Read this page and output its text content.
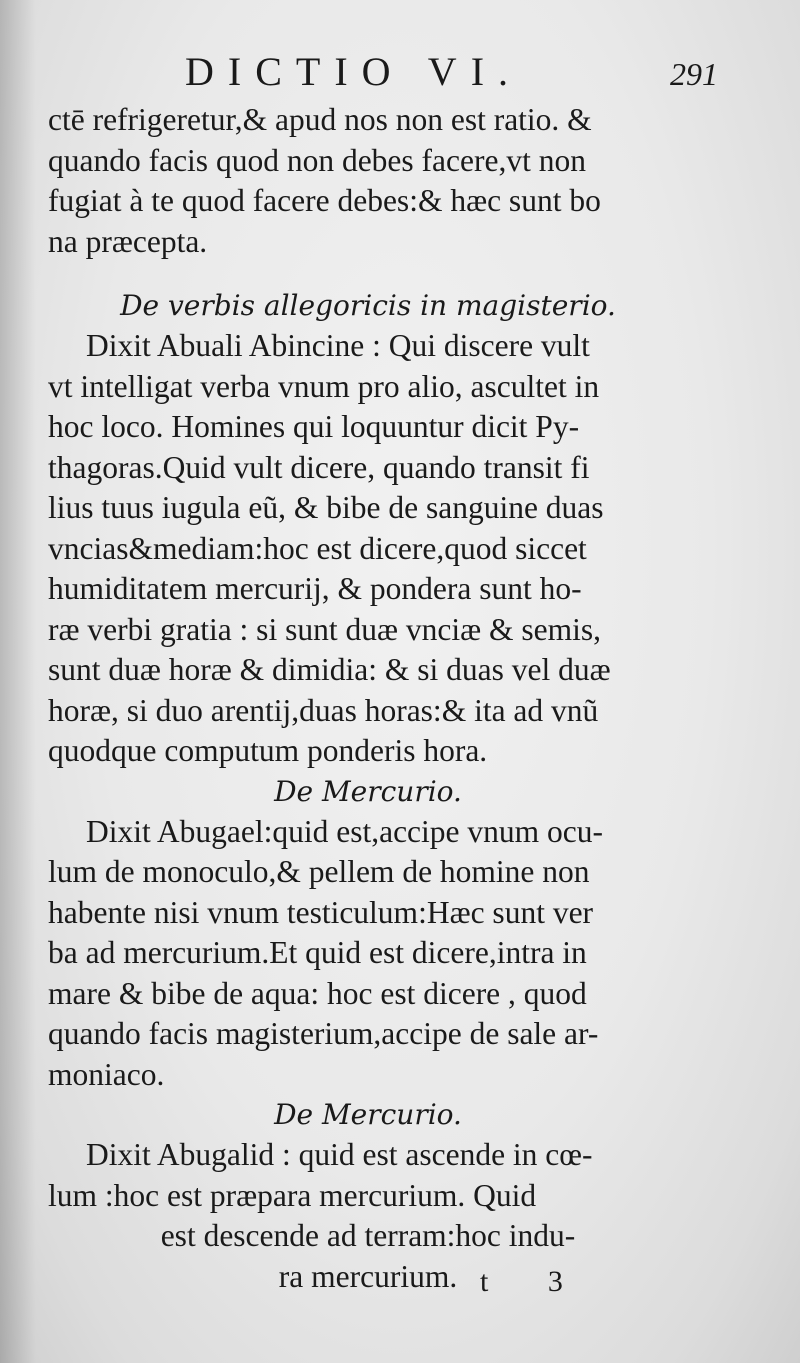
DICTIO VI.	291
ctē refrigeretur,& apud nos non est ratio. &
quando facis quod non debes facere,vt non
fugiat à te quod facere debes:& hæc sunt bo
na præcepta.
De verbis allegoricis in magisterio.
Dixit Abuali Abincine : Qui discere vult
vt intelligat verba vnum pro alio, ascultet in
hoc loco. Homines qui loquuntur dicit Py-
thagoras.Quid vult dicere, quando transit fi
lius tuus iugula eũ, & bibe de sanguine duas
vncias&mediam:hoc est dicere,quod siccet
humiditatem mercurij, & pondera sunt ho-
ræ verbi gratia : si sunt duæ vnciæ & semis,
sunt duæ horæ & dimidia: & si duas vel duæ
horæ, si duo arentij,duas horas:& ita ad vnũ
quodque computum ponderis hora.
De Mercurio.
Dixit Abugael:quid est,accipe vnum ocu-
lum de monoculo,& pellem de homine non
habente nisi vnum testiculum:Hæc sunt ver
ba ad mercurium.Et quid est dicere,intra in
mare & bibe de aqua: hoc est dicere , quod
quando facis magisterium,accipe de sale ar-
moniaco.
De Mercurio.
Dixit Abugalid : quid est ascende in cœ-
lum :hoc est præpara mercurium. Quid
est descende ad terram:hoc indu-
ra mercurium. t 3
